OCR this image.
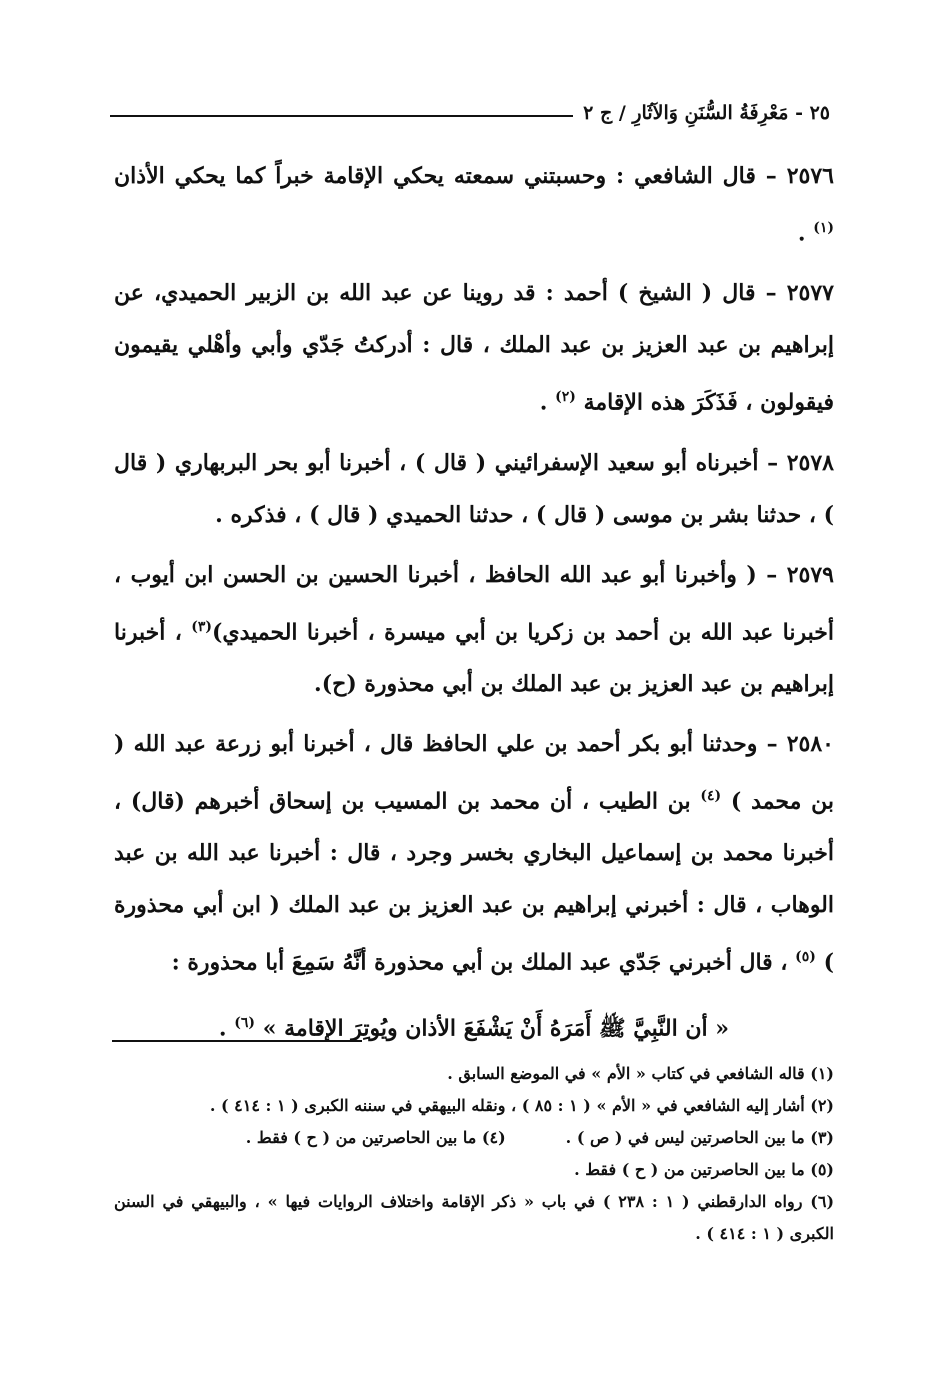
٢٥ - مَعْرِفَةُ السُّنَنِ وَالآثَارِ / ج ٢

٢٥٧٦ – قال الشافعي : وحسبتني سمعته يحكي الإقامة خبراً كما يحكي الأذان $^{(١)}$ .

٢٥٧٧ – قال ( الشيخ ) أحمد : قد روينا عن عبد الله بن الزبير الحميدي، عن إبراهيم بن عبد العزيز بن عبد الملك ، قال : أدركتُ جَدّي وأبي وأهْلي يقيمون فيقولون ، فَذَكَرَ هذه الإقامة $^{(٢)}$ .

٢٥٧٨ – أخبرناه أبو سعيد الإسفرائيني ( قال ) ، أخبرنا أبو بحر البربهاري ( قال ) ، حدثنا بشر بن موسى ( قال ) ، حدثنا الحميدي ( قال ) ، فذكره .

٢٥٧٩ – ( وأخبرنا أبو عبد الله الحافظ ، أخبرنا الحسين بن الحسن ابن أيوب ، أخبرنا عبد الله بن أحمد بن زكريا بن أبي ميسرة ، أخبرنا الحميدي)$^{(٣)}$ ، أخبرنا إبراهيم بن عبد العزيز بن عبد الملك بن أبي محذورة (ح).

٢٥٨٠ – وحدثنا أبو بكر أحمد بن علي الحافظ قال ، أخبرنا أبو زرعة عبد الله ( بن محمد ) $^{(٤)}$ بن الطيب ، أن محمد بن المسيب بن إسحاق أخبرهم (قال) ، أخبرنا محمد بن إسماعيل البخاري بخسر وجرد ، قال : أخبرنا عبد الله بن عبد الوهاب ، قال : أخبرني إبراهيم بن عبد العزيز بن عبد الملك ( ابن أبي محذورة ) $^{(٥)}$ ، قال أخبرني جَدّي عبد الملك بن أبي محذورة أنَّهُ سَمِعَ أبا محذورة :

« أن النَّبِيَّ ﷺ أَمَرَهُ أَنْ يَشْفَعَ الأذان ويُوتِرَ الإقامة » $^{(٦)}$ .

(١) قاله الشافعي في كتاب « الأم » في الموضع السابق .

(٢) أشار إليه الشافعي في « الأم » ( ١ : ٨٥ ) ، ونقله البيهقي في سننه الكبرى ( ١ : ٤١٤ ) .

(٣) ما بين الحاصرتين ليس في ( ص ) .

(٤) ما بين الحاصرتين من ( ح ) فقط .

(٥) ما بين الحاصرتين من ( ح ) فقط .

(٦) رواه الدارقطني ( ١ : ٢٣٨ ) في باب « ذكر الإقامة واختلاف الروايات فيها » ، والبيهقي في السنن الكبرى ( ١ : ٤١٤ ) .
